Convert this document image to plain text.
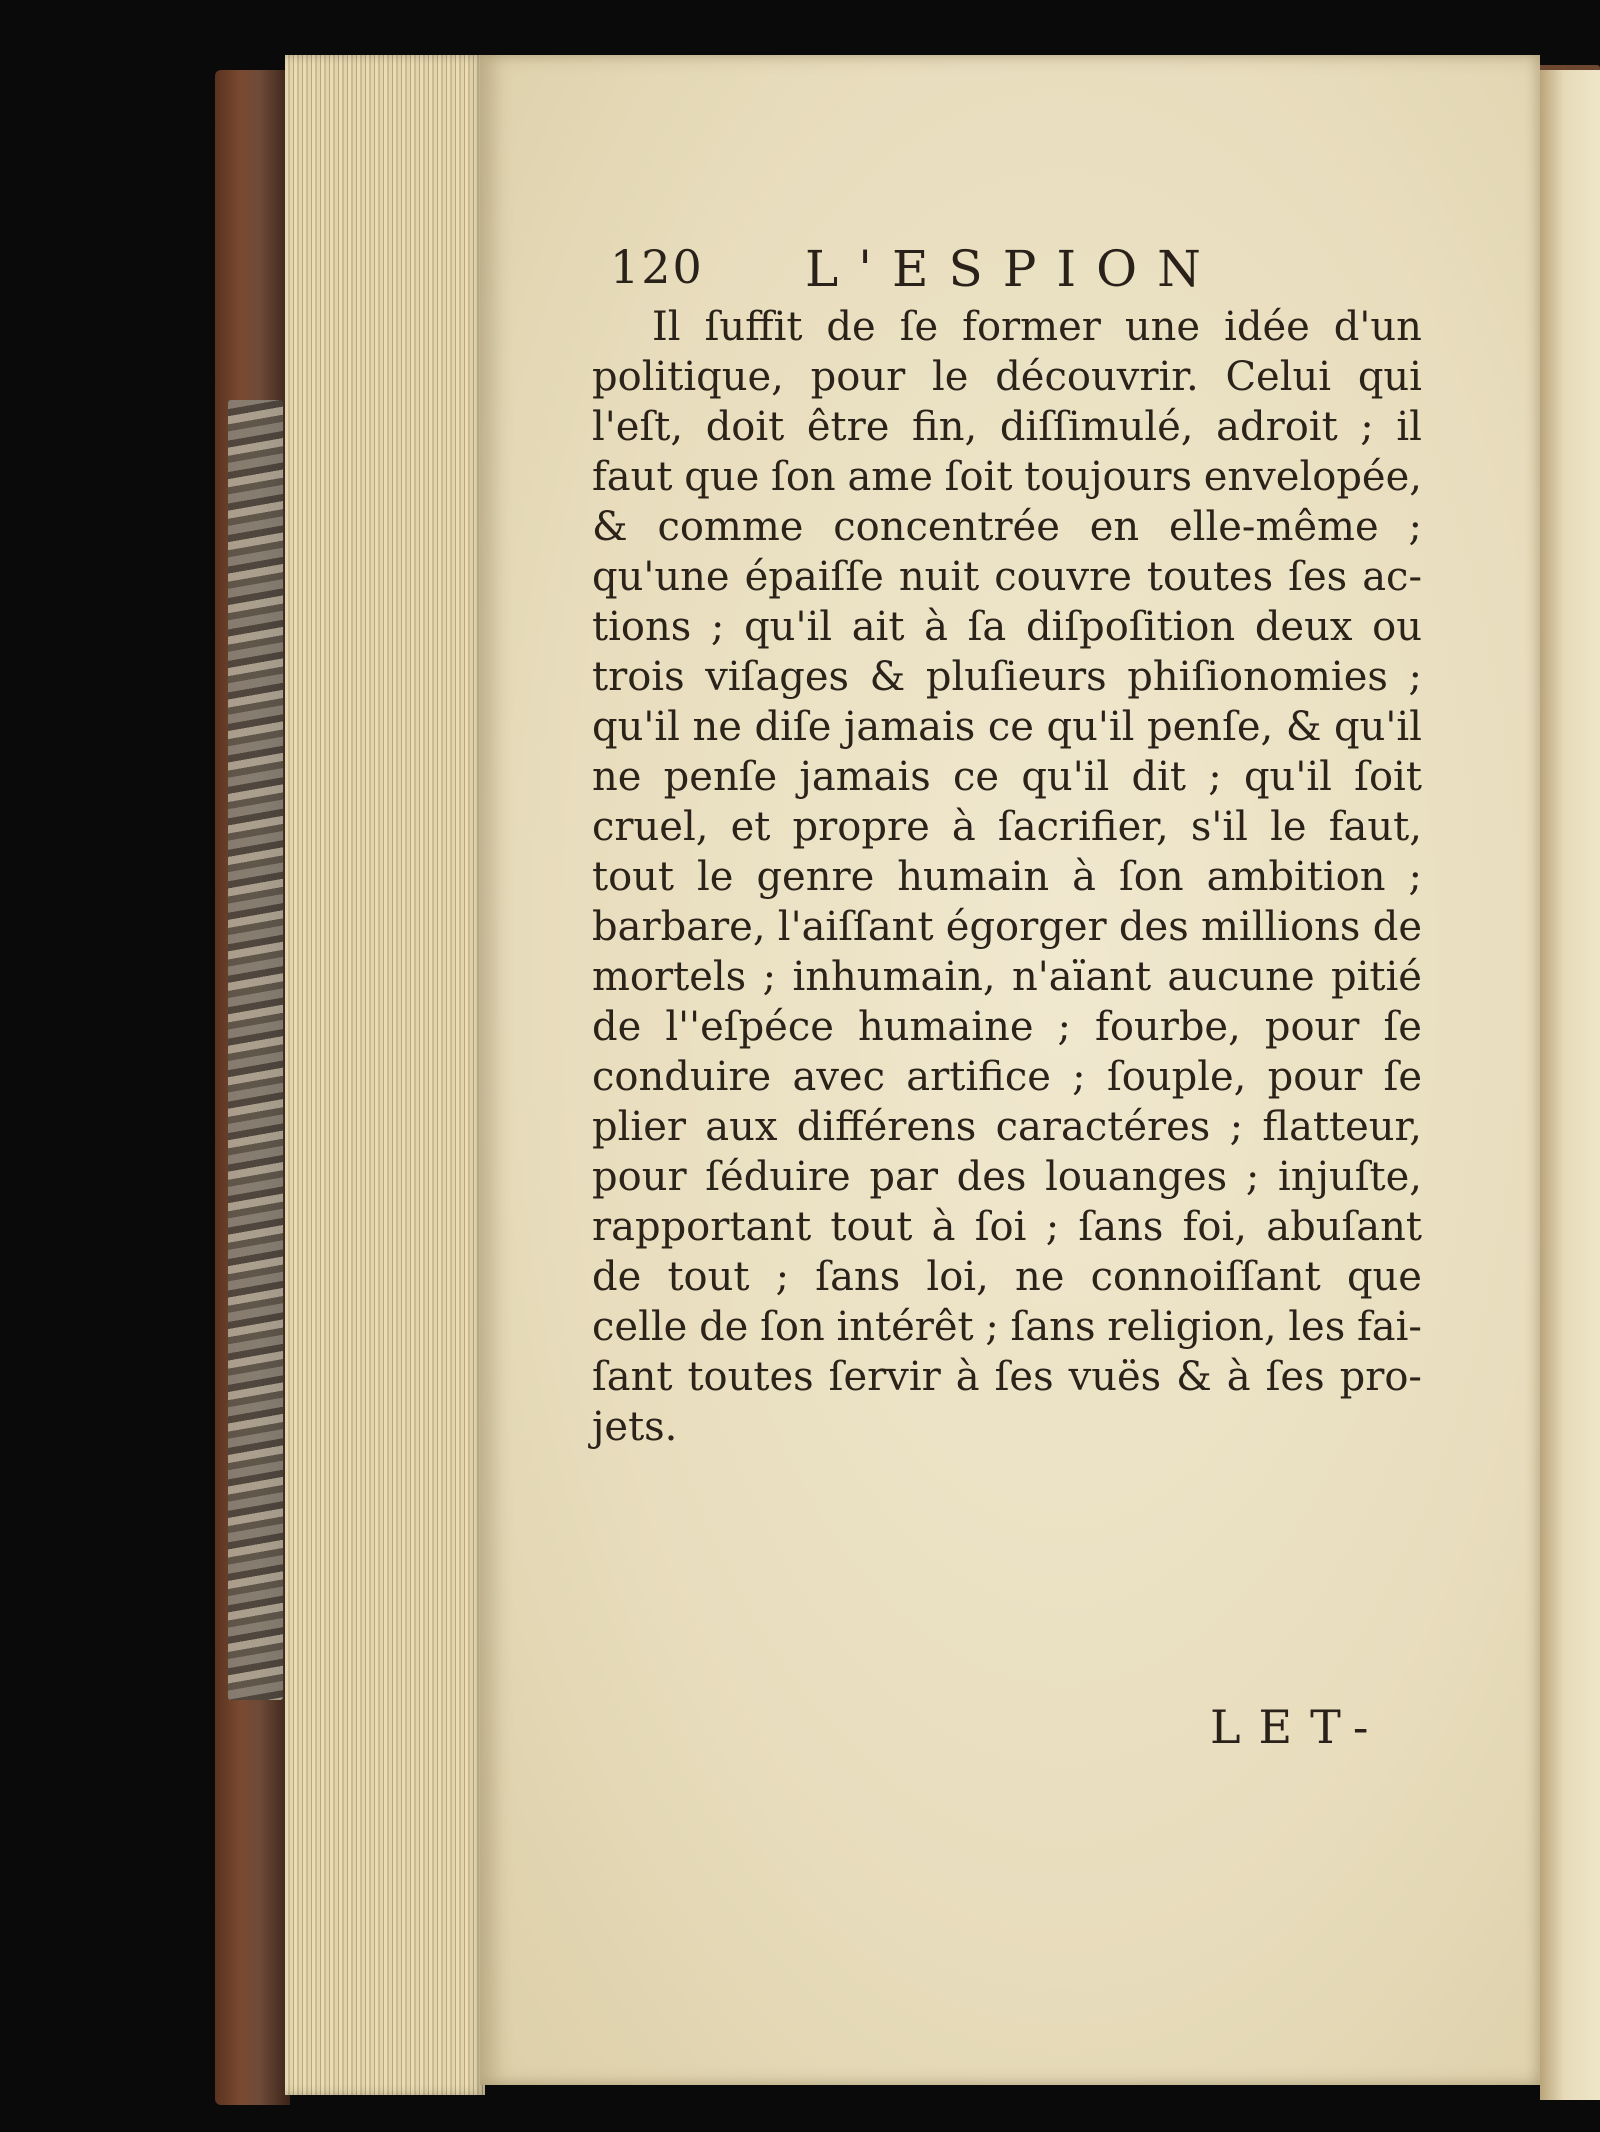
120 L'ESPION
Il ſuffit de ſe former une idée d'un
politique, pour le découvrir. Celui qui
l'eſt, doit être fin, diſſimulé, adroit ; il
faut que ſon ame ſoit toujours envelopée,
& comme concentrée en elle-même ;
qu'une épaiſſe nuit couvre toutes ſes ac-
tions ; qu'il ait à ſa diſpoſition deux ou
trois viſages & pluſieurs phiſionomies ;
qu'il ne diſe jamais ce qu'il penſe, & qu'il
ne penſe jamais ce qu'il dit ; qu'il ſoit
cruel, et propre à ſacrifier, s'il le faut,
tout le genre humain à ſon ambition ;
barbare, l'aiſſant égorger des millions de
mortels ; inhumain, n'aïant aucune pitié
de l''eſpéce humaine ; fourbe, pour ſe
conduire avec artifice ; ſouple, pour ſe
plier aux différens caractéres ; flatteur,
pour ſéduire par des louanges ; injuſte,
rapportant tout à ſoi ; ſans foi, abuſant
de tout ; ſans loi, ne connoiſſant que
celle de ſon intérêt ; ſans religion, les fai-
ſant toutes ſervir à ſes vuës & à ſes pro-
jets.
LET-
